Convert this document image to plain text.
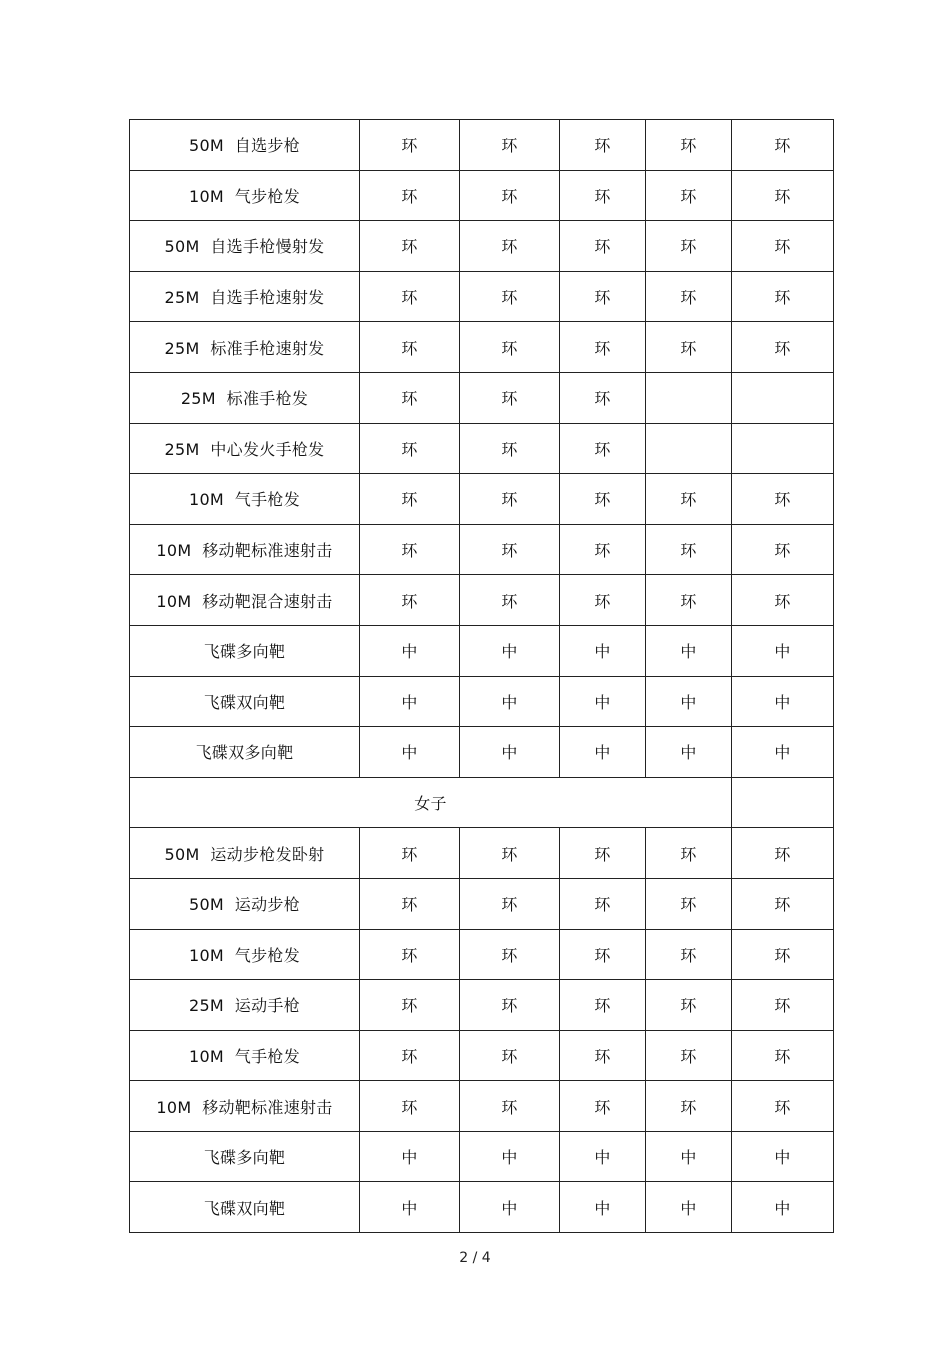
50M  自选步枪	环	环	环	环	环
10M  气步枪发	环	环	环	环	环
50M  自选手枪慢射发	环	环	环	环	环
25M  自选手枪速射发	环	环	环	环	环
25M  标准手枪速射发	环	环	环	环	环
25M  标准手枪发	环	环	环		
25M  中心发火手枪发	环	环	环		
10M  气手枪发	环	环	环	环	环
10M  移动靶标准速射击	环	环	环	环	环
10M  移动靶混合速射击	环	环	环	环	环
飞碟多向靶	中	中	中	中	中
飞碟双向靶	中	中	中	中	中
飞碟双多向靶	中	中	中	中	中
女子					
50M  运动步枪发卧射	环	环	环	环	环
50M  运动步枪	环	环	环	环	环
10M  气步枪发	环	环	环	环	环
25M  运动手枪	环	环	环	环	环
10M  气手枪发	环	环	环	环	环
10M  移动靶标准速射击	环	环	环	环	环
飞碟多向靶	中	中	中	中	中
飞碟双向靶	中	中	中	中	中
2 / 4
